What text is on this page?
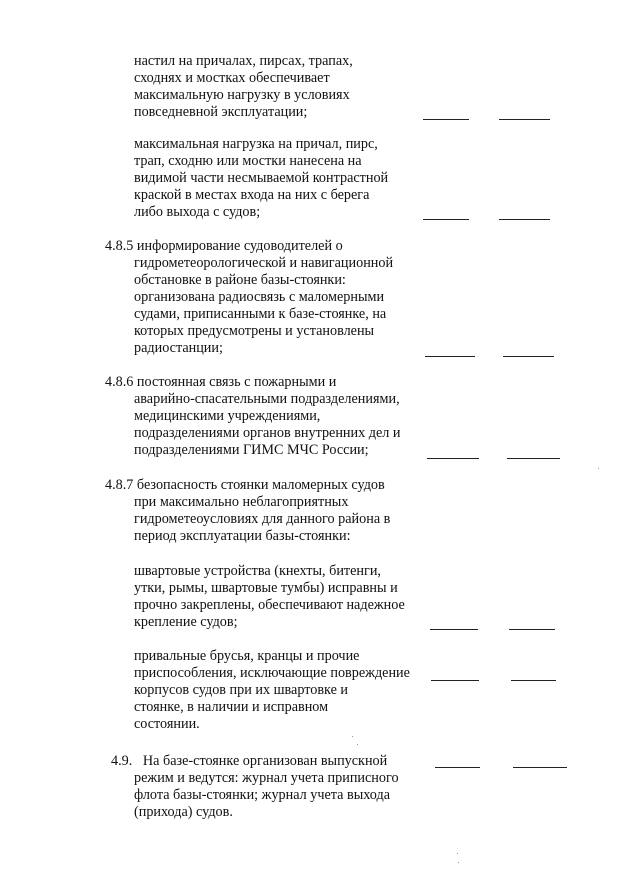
настил на причалах, пирсах, трапах,
сходнях и мостках обеспечивает
максимальную нагрузку в условиях
повседневной эксплуатации;
максимальная нагрузка на причал, пирс,
трап, сходню или мостки нанесена на
видимой части несмываемой контрастной
краской в местах входа на них с берега
либо выхода с судов;
4.8.5 информирование судоводителей о
гидрометеорологической и навигационной
обстановке в районе базы-стоянки:
организована радиосвязь с маломерными
судами, приписанными к базе-стоянке, на
которых предусмотрены и установлены
радиостанции;
4.8.6 постоянная связь с пожарными и
аварийно-спасательными подразделениями,
медицинскими учреждениями,
подразделениями органов внутренних дел и
подразделениями ГИМС МЧС России;
4.8.7 безопасность стоянки маломерных судов
при максимально неблагоприятных
гидрометеоусловиях для данного района в
период эксплуатации базы-стоянки:
швартовые устройства (кнехты, битенги,
утки, рымы, швартовые тумбы) исправны и
прочно закреплены, обеспечивают надежное
крепление судов;
привальные брусья, кранцы и прочие
приспособления, исключающие повреждение
корпусов судов при их швартовке и
стоянке, в наличии и исправном
состоянии.
4.9.   На базе-стоянке организован выпускной
режим и ведутся: журнал учета приписного
флота базы-стоянки; журнал учета выхода
(прихода) судов.
